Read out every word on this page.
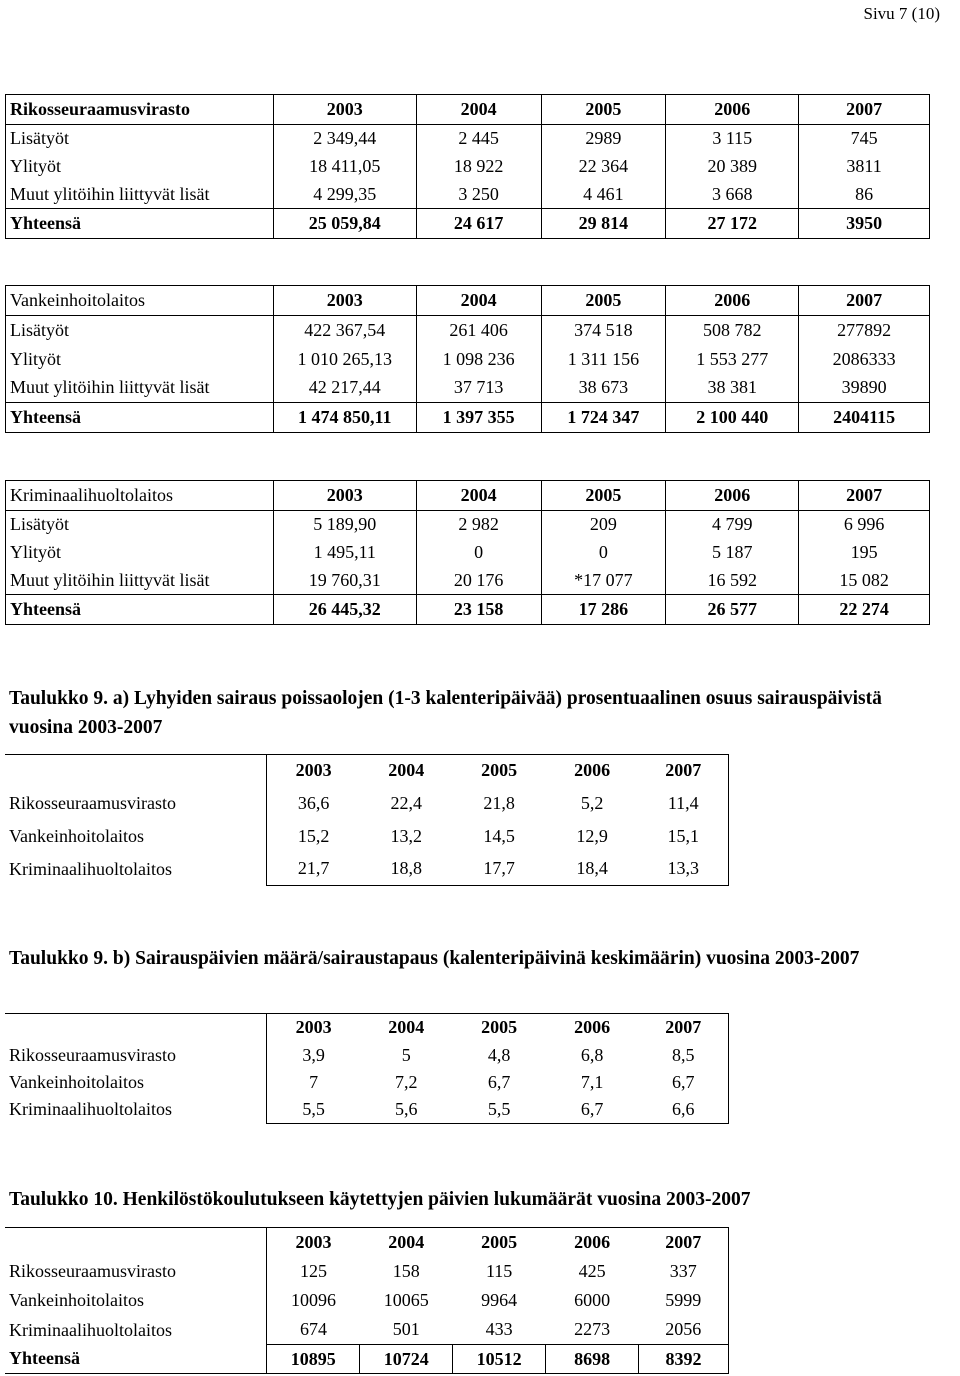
Sivu 7 (10)
Rikosseuraamusvirasto	2003	2004	2005	2006	2007
Lisätyöt	2 349,44	2 445	2989	3 115	745
Ylityöt	18 411,05	18 922	22 364	20 389	3811
Muut ylitöihin liittyvät lisät	4 299,35	3 250	4 461	3 668	86
Yhteensä	25 059,84	24 617	29 814	27 172	3950
Vankeinhoitolaitos	2003	2004	2005	2006	2007
Lisätyöt	422 367,54	261 406	374 518	508 782	277892
Ylityöt	1 010 265,13	1 098 236	1 311 156	1 553 277	2086333
Muut ylitöihin liittyvät lisät	42 217,44	37 713	38 673	38 381	39890
Yhteensä	1 474 850,11	1 397 355	1 724 347	2 100 440	2404115
Kriminaalihuoltolaitos	2003	2004	2005	2006	2007
Lisätyöt	5 189,90	2 982	209	4 799	6 996
Ylityöt	1 495,11	0	0	5 187	195
Muut ylitöihin liittyvät lisät	19 760,31	20 176	*17 077	16 592	15 082
Yhteensä	26 445,32	23 158	17 286	26 577	22 274
Taulukko 9. a) Lyhyiden sairaus poissaolojen (1-3 kalenteripäivää) prosentuaalinen osuus sairauspäivistä vuosina 2003-2007
	2003	2004	2005	2006	2007
Rikosseuraamusvirasto	36,6	22,4	21,8	5,2	11,4
Vankeinhoitolaitos	15,2	13,2	14,5	12,9	15,1
Kriminaalihuoltolaitos	21,7	18,8	17,7	18,4	13,3
Taulukko 9. b) Sairauspäivien määrä/sairaustapaus (kalenteripäivinä keskimäärin) vuosina 2003-2007
	2003	2004	2005	2006	2007
Rikosseuraamusvirasto	3,9	5	4,8	6,8	8,5
Vankeinhoitolaitos	7	7,2	6,7	7,1	6,7
Kriminaalihuoltolaitos	5,5	5,6	5,5	6,7	6,6
Taulukko 10. Henkilöstökoulutukseen käytettyjen päivien lukumäärät vuosina 2003-2007
	2003	2004	2005	2006	2007
Rikosseuraamusvirasto	125	158	115	425	337
Vankeinhoitolaitos	10096	10065	9964	6000	5999
Kriminaalihuoltolaitos	674	501	433	2273	2056
Yhteensä	10895	10724	10512	8698	8392
